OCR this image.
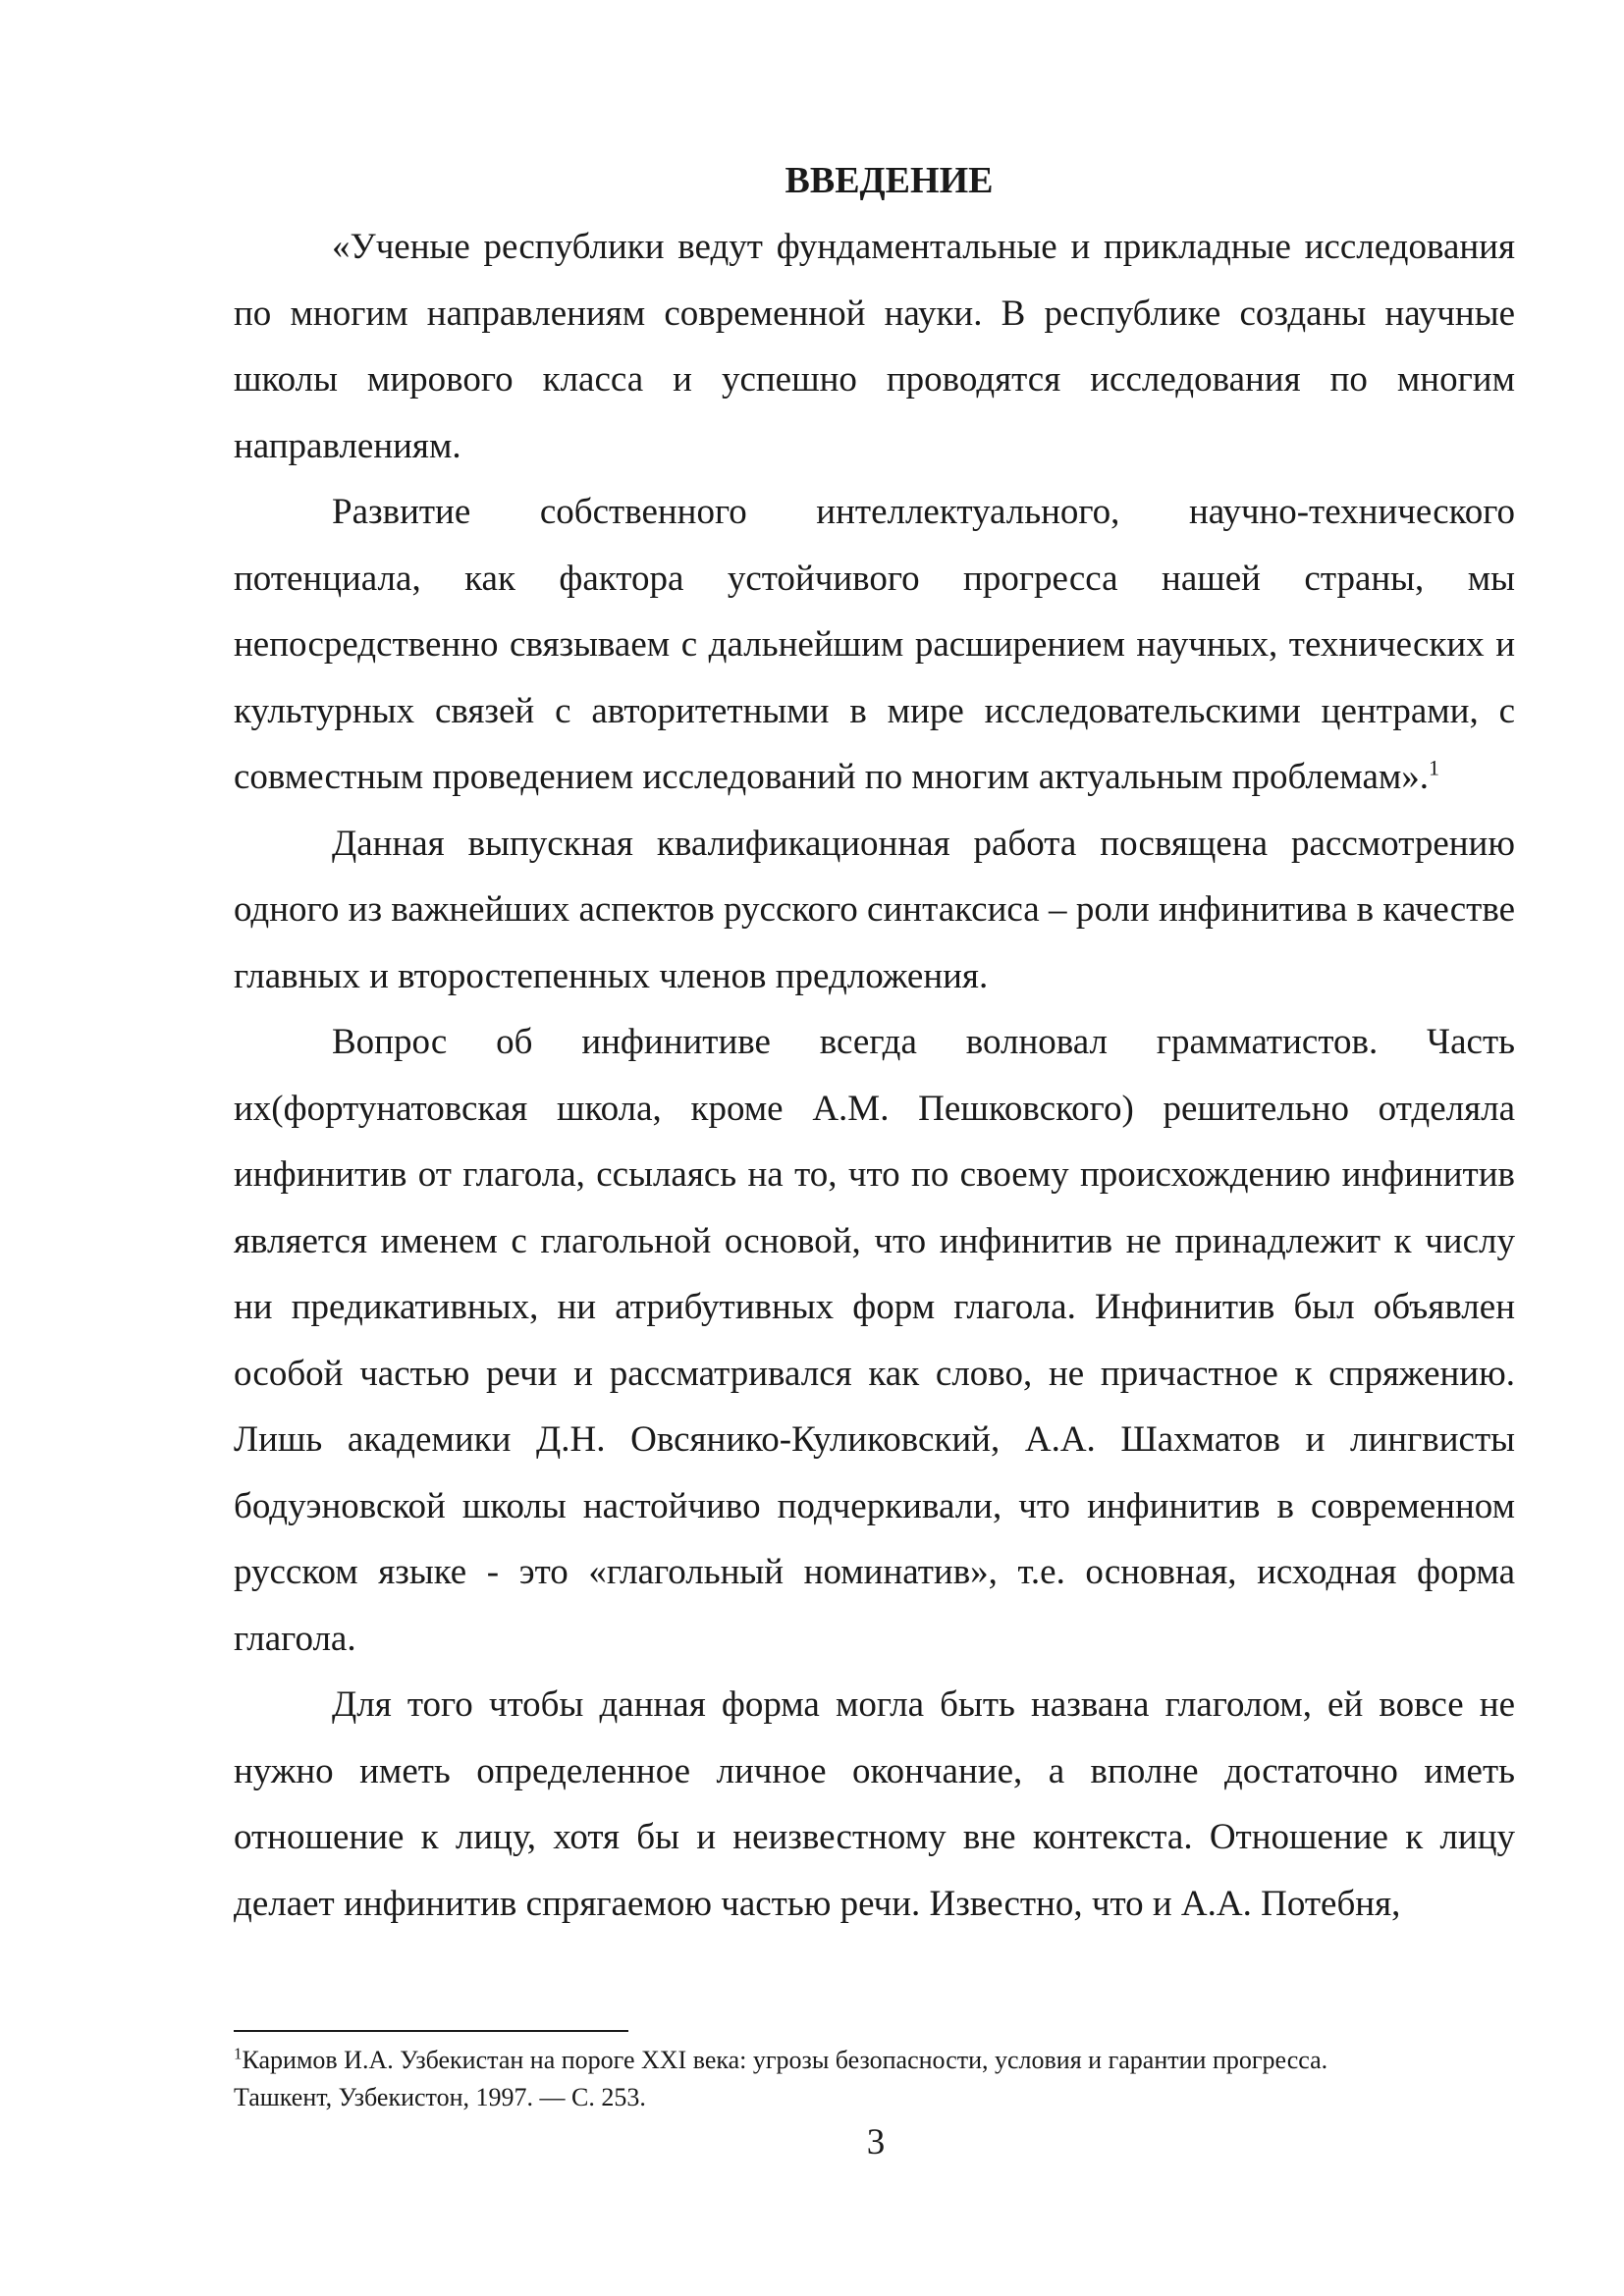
ВВЕДЕНИЕ

«Ученые республики ведут фундаментальные и прикладные исследования по многим направлениям современной науки. В республике созданы научные школы мирового класса и успешно проводятся исследования по многим направлениям.

Развитие собственного интеллектуального, научно-технического потенциала, как фактора устойчивого прогресса нашей страны, мы непосредственно связываем с дальнейшим расширением научных, технических и культурных связей с авторитетными в мире исследовательскими центрами, с совместным проведением исследований по многим актуальным проблемам».$^1$

Данная выпускная квалификационная работа посвящена рассмотрению одного из важнейших аспектов русского синтаксиса – роли инфинитива в качестве главных и второстепенных членов предложения.

Вопрос об инфинитиве всегда волновал грамматистов. Часть их(фортунатовская школа, кроме А.М. Пешковского) решительно отделяла инфинитив от глагола, ссылаясь на то, что по своему происхождению инфинитив является именем с глагольной основой, что инфинитив не принадлежит к числу ни предикативных, ни атрибутивных форм глагола. Инфинитив был объявлен особой частью речи и рассматривался как слово, не причастное к спряжению. Лишь академики Д.Н. Овсянико-Куликовский, А.А. Шахматов и лингвисты бодуэновской школы настойчиво подчеркивали, что инфинитив в современном русском языке - это «глагольный номинатив», т.е. основная, исходная форма глагола.

Для того чтобы данная форма могла быть названа глаголом, ей вовсе не нужно иметь определенное личное окончание, а вполне достаточно иметь отношение к лицу, хотя бы и неизвестному вне контекста. Отношение к лицу делает инфинитив спрягаемою частью речи. Известно, что и А.А. Потебня,

$^1$Каримов И.А. Узбекистан на пороге XXI века: угрозы безопасности, условия и гарантии прогресса.
Ташкент, Узбекистон, 1997. — С. 253.

3
